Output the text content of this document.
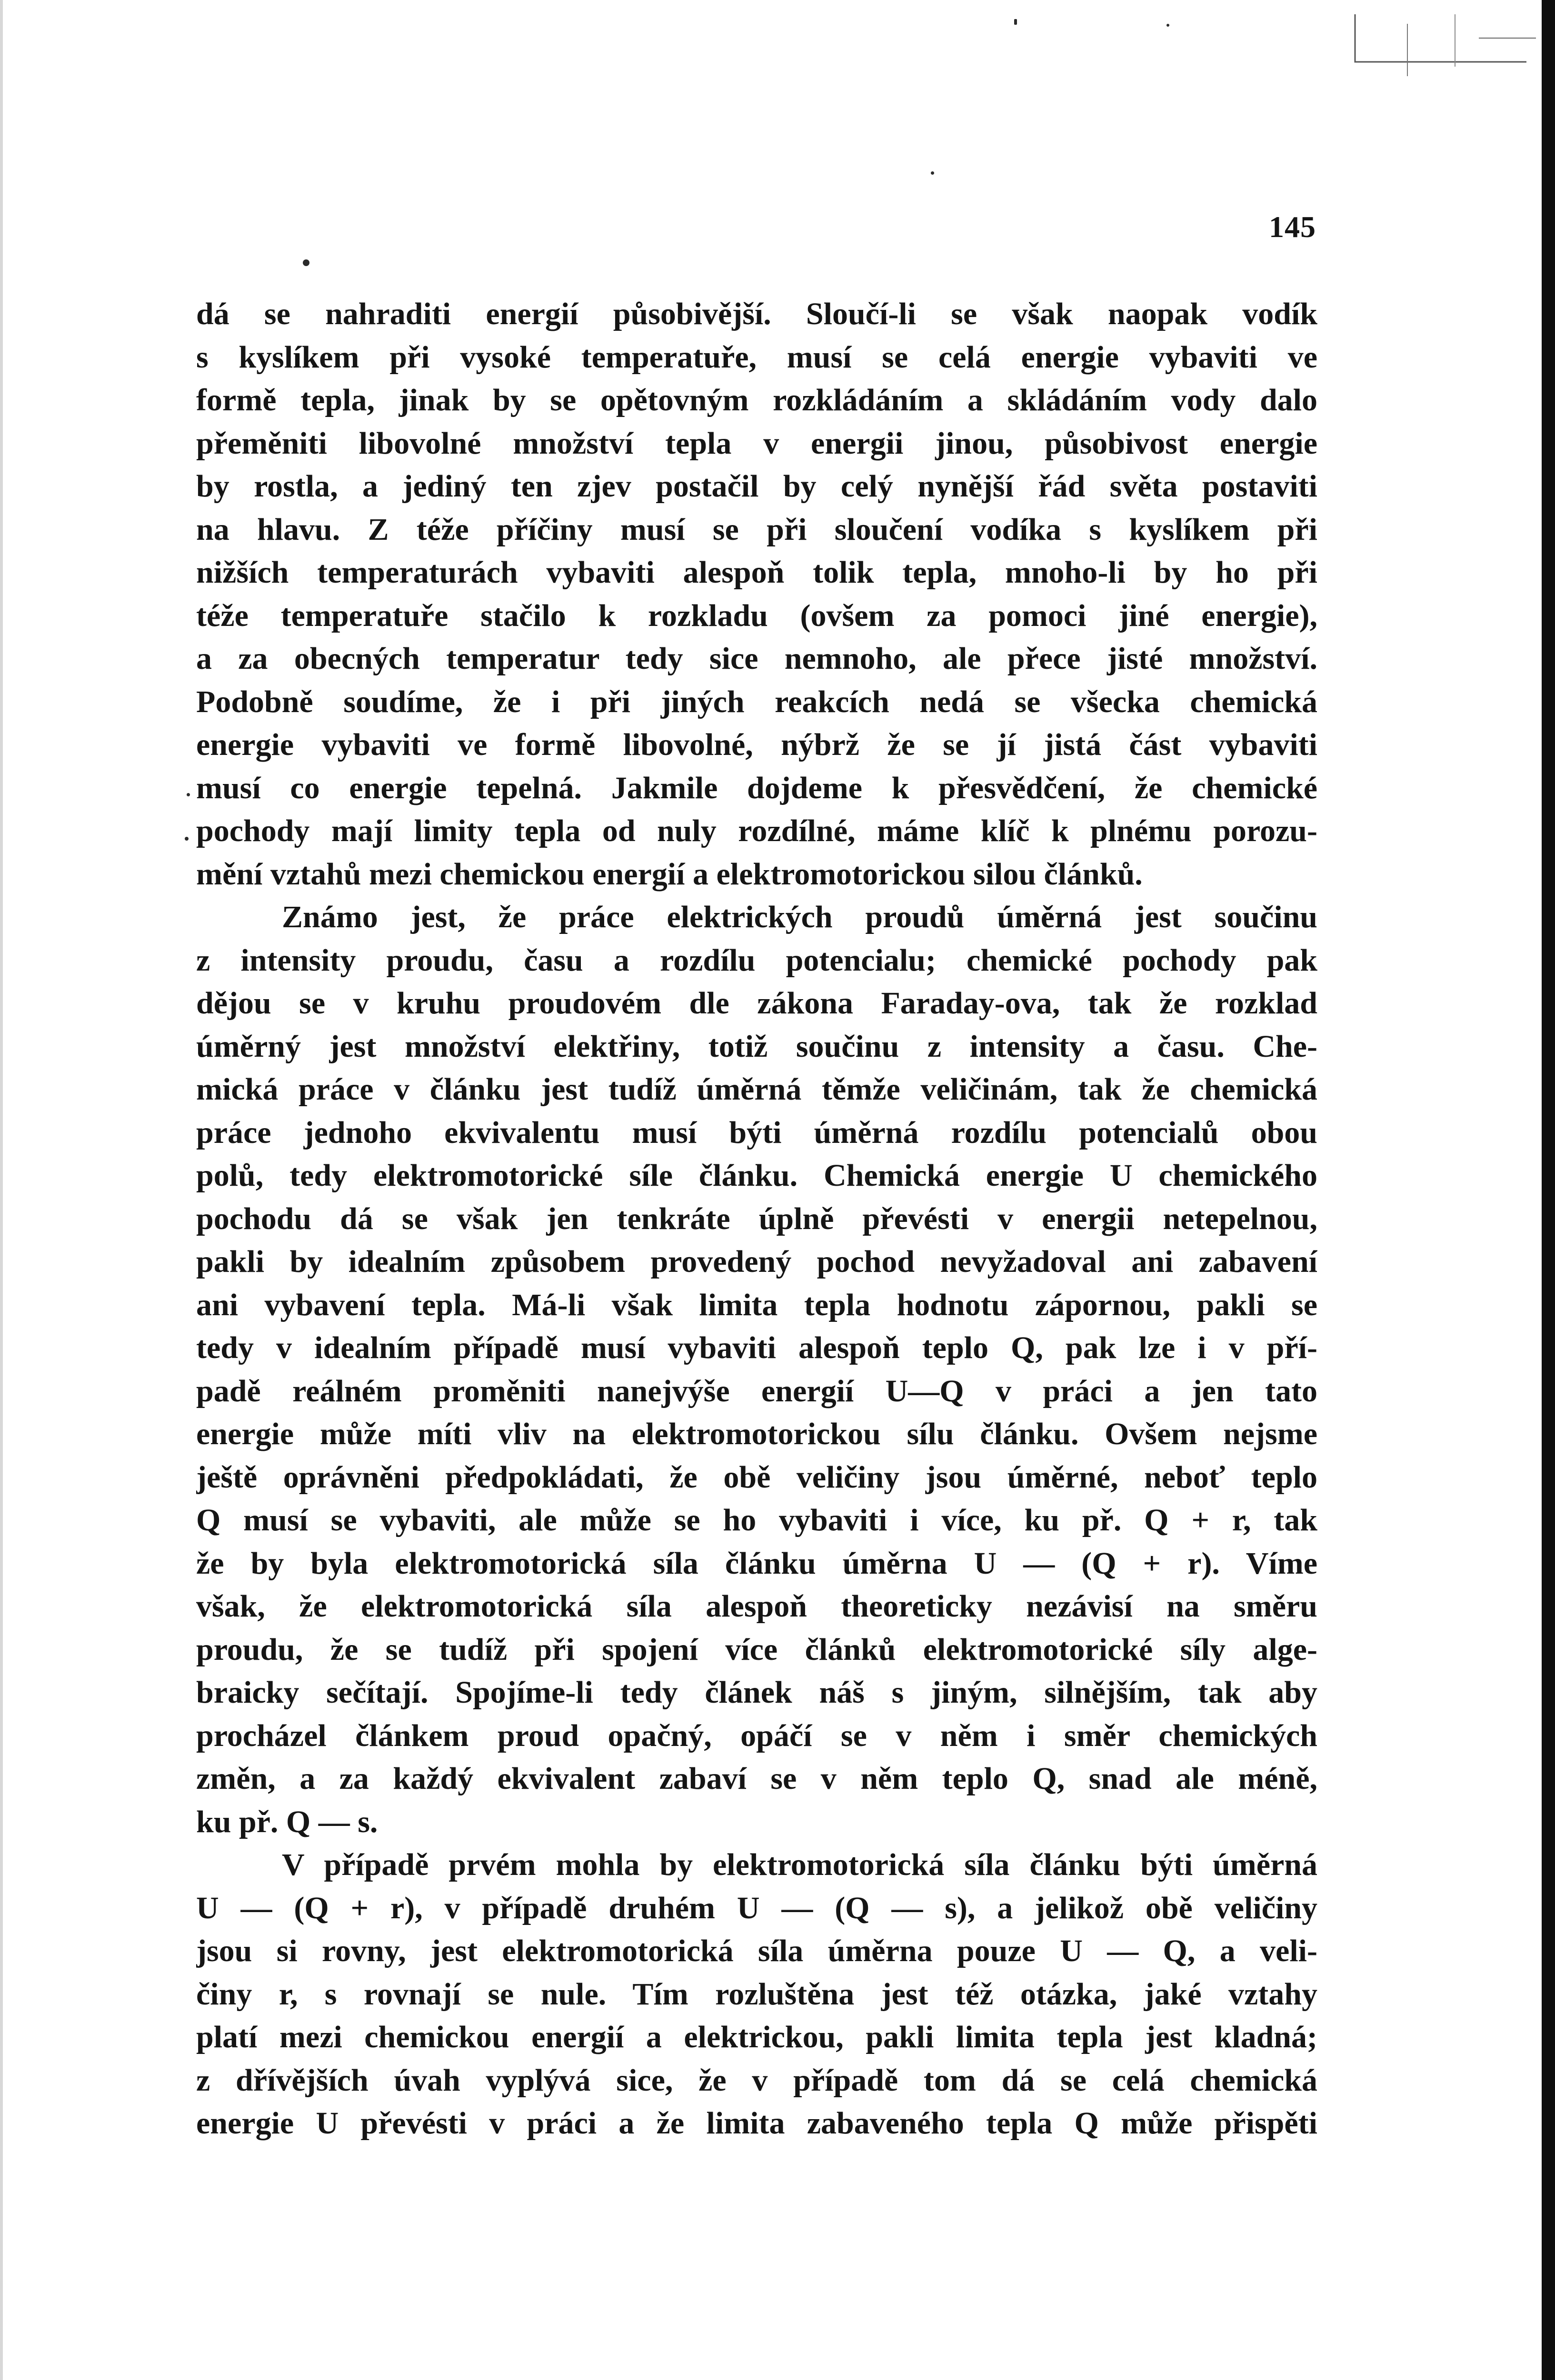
145
dá se nahraditi energií působivější. Sloučí-li se však naopak vodík
s kyslíkem při vysoké temperatuře, musí se celá energie vybaviti ve
formě tepla, jinak by se opětovným rozkládáním a skládáním vody dalo
přeměniti libovolné množství tepla v energii jinou, působivost energie
by rostla, a jediný ten zjev postačil by celý nynější řád světa postaviti
na hlavu. Z téže příčiny musí se při sloučení vodíka s kyslíkem při
nižších temperaturách vybaviti alespoň tolik tepla, mnoho-li by ho při
téže temperatuře stačilo k rozkladu (ovšem za pomoci jiné energie),
a za obecných temperatur tedy sice nemnoho, ale přece jisté množství.
Podobně soudíme, že i při jiných reakcích nedá se všecka chemická
energie vybaviti ve formě libovolné, nýbrž že se jí jistá část vybaviti
musí co energie tepelná. Jakmile dojdeme k přesvědčení, že chemické
pochody mají limity tepla od nuly rozdílné, máme klíč k plnému porozu-
mění vztahů mezi chemickou energií a elektromotorickou silou článků.
Známo jest, že práce elektrických proudů úměrná jest součinu
z intensity proudu, času a rozdílu potencialu; chemické pochody pak
dějou se v kruhu proudovém dle zákona Faraday-ova, tak že rozklad
úměrný jest množství elektřiny, totiž součinu z intensity a času. Che-
mická práce v článku jest tudíž úměrná těmže veličinám, tak že chemická
práce jednoho ekvivalentu musí býti úměrná rozdílu potencialů obou
polů, tedy elektromotorické síle článku. Chemická energie U chemického
pochodu dá se však jen tenkráte úplně převésti v energii netepelnou,
pakli by idealním způsobem provedený pochod nevyžadoval ani zabavení
ani vybavení tepla. Má-li však limita tepla hodnotu zápornou, pakli se
tedy v idealním případě musí vybaviti alespoň teplo Q, pak lze i v pří-
padě reálném proměniti nanejvýše energií U—Q v práci a jen tato
energie může míti vliv na elektromotorickou sílu článku. Ovšem nejsme
ještě oprávněni předpokládati, že obě veličiny jsou úměrné, neboť teplo
Q musí se vybaviti, ale může se ho vybaviti i více, ku př. Q + r, tak
že by byla elektromotorická síla článku úměrna U — (Q + r). Víme
však, že elektromotorická síla alespoň theoreticky nezávisí na směru
proudu, že se tudíž při spojení více článků elektromotorické síly alge-
braicky sečítají. Spojíme-li tedy článek náš s jiným, silnějším, tak aby
procházel článkem proud opačný, opáčí se v něm i směr chemických
změn, a za každý ekvivalent zabaví se v něm teplo Q, snad ale méně,
ku př. Q — s.
V případě prvém mohla by elektromotorická síla článku býti úměrná
U — (Q + r), v případě druhém U — (Q — s), a jelikož obě veličiny
jsou si rovny, jest elektromotorická síla úměrna pouze U — Q, a veli-
činy r, s rovnají se nule. Tím rozluštěna jest též otázka, jaké vztahy
platí mezi chemickou energií a elektrickou, pakli limita tepla jest kladná;
z dřívějších úvah vyplývá sice, že v případě tom dá se celá chemická
energie U převésti v práci a že limita zabaveného tepla Q může přispěti
